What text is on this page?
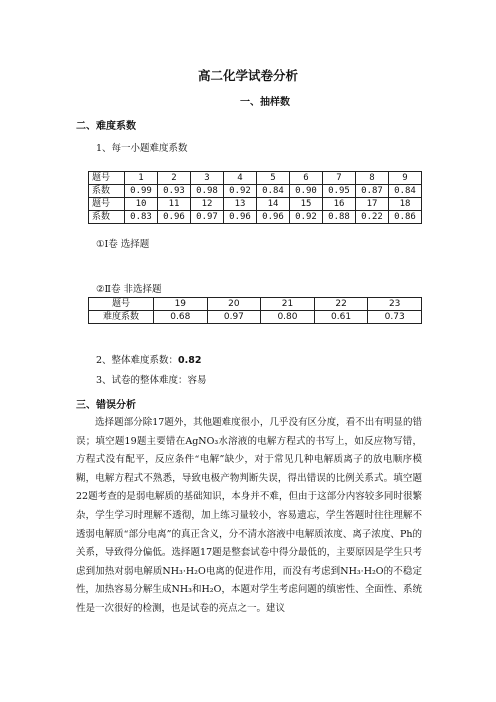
高二化学试卷分析
一、抽样数
二、难度系数
1、每一小题难度系数
题号	1	2	3	4	5	6	7	8	9
系数	0.99	0.93	0.98	0.92	0.84	0.90	0.95	0.87	0.84
题号	10	11	12	13	14	15	16	17	18
系数	0.83	0.96	0.97	0.96	0.96	0.92	0.88	0.22	0.86
①Ⅰ卷 选择题
②Ⅱ卷 非选择题
题号	19	20	21	22	23
难度系数	0.68	0.97	0.80	0.61	0.73
2、整体难度系数：0.82
3、试卷的整体难度：容易
三、错误分析

选择题部分除17题外，其他题难度很小，几乎没有区分度，看不出有明显的错误；填空题19题主要错在AgNO₃水溶液的电解方程式的书写上，如反应物写错，方程式没有配平，反应条件“电解”缺少，对于常见几种电解质离子的放电顺序模糊，电解方程式不熟悉，导致电极产物判断失误，得出错误的比例关系式。填空题22题考查的是弱电解质的基础知识，本身并不难，但由于这部分内容较多同时很繁杂，学生学习时理解不透彻，加上练习量较小，容易遗忘，学生答题时往往理解不透弱电解质“部分电离”的真正含义，分不清水溶液中电解质浓度、离子浓度、Ph的关系，导致得分偏低。选择题17题是整套试卷中得分最低的，主要原因是学生只考虑到加热对弱电解质NH₃·H₂O电离的促进作用，而没有考虑到NH₃·H₂O的不稳定性，加热容易分解生成NH₃和H₂O，本题对学生考虑问题的缜密性、全面性、系统性是一次很好的检测，也是试卷的亮点之一。建议
